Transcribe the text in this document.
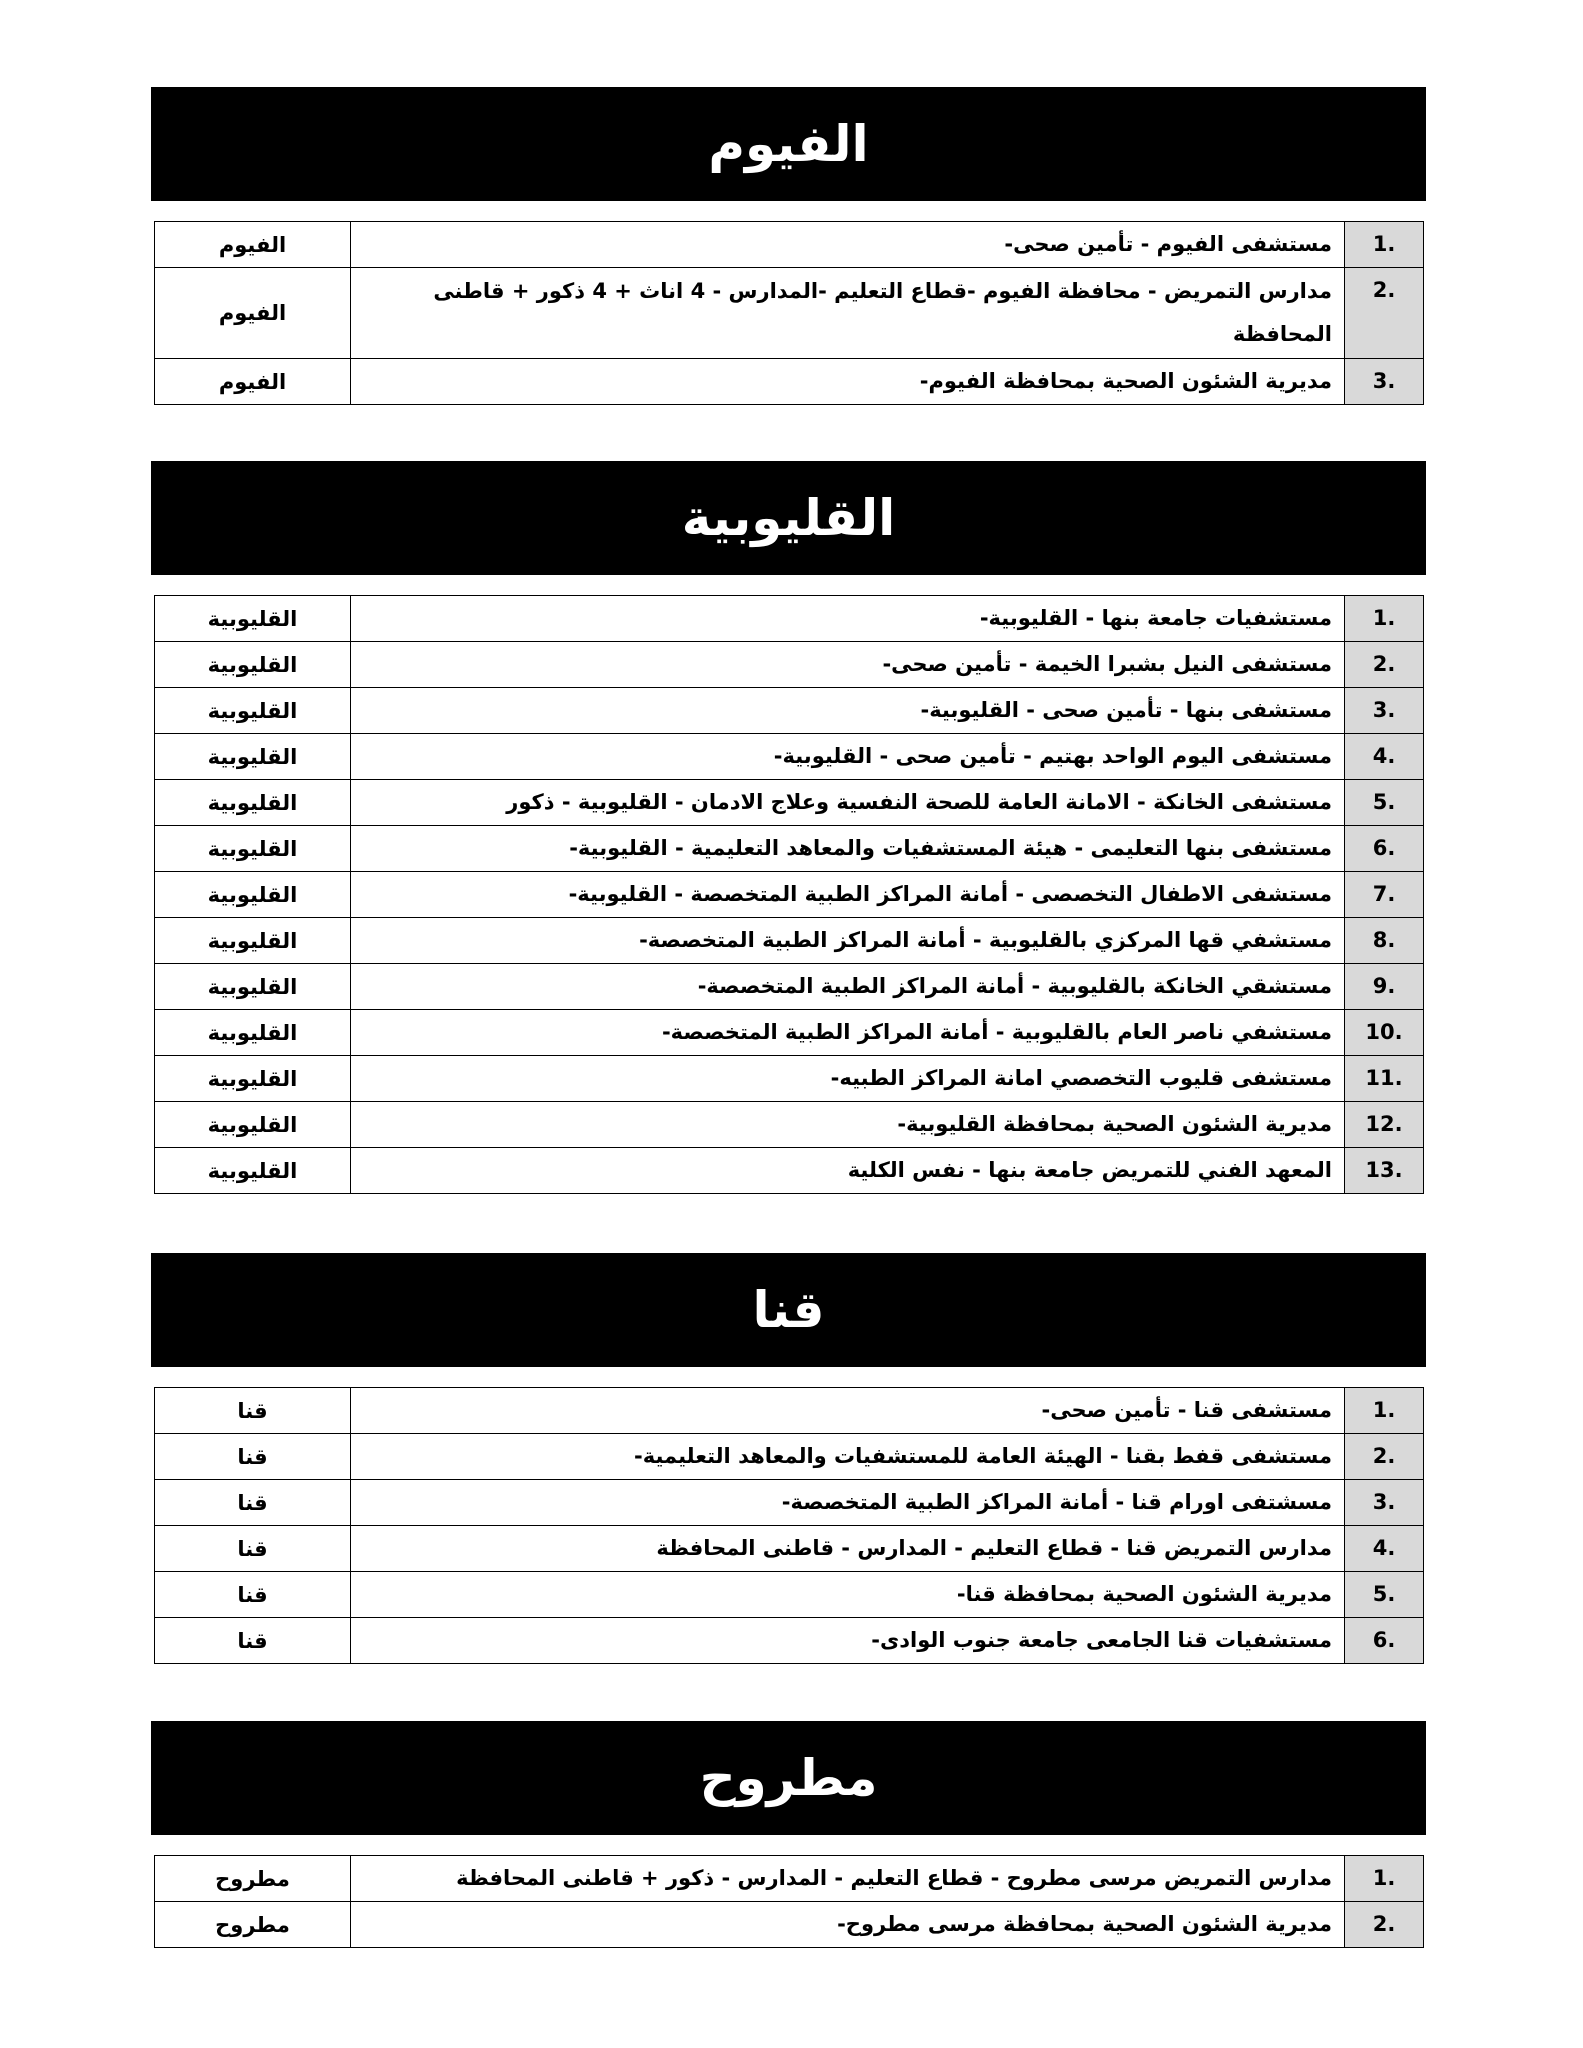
الفيوم
الفيوم	مستشفى الفيوم - تأمين صحى-	1.
الفيوم	مدارس التمريض - محافظة الفيوم -قطاع التعليم -المدارس - 4 اناث + 4 ذكور + قاطنى المحافظة	2.
الفيوم	مديرية الشئون الصحية بمحافظة الفيوم-	3.
القليوبية
القليوبية	مستشفيات جامعة بنها - القليوبية-	1.
القليوبية	مستشفى النيل بشبرا الخيمة - تأمين صحى-	2.
القليوبية	مستشفى بنها - تأمين صحى - القليوبية-	3.
القليوبية	مستشفى اليوم الواحد بهتيم - تأمين صحى - القليوبية-	4.
القليوبية	مستشفى الخانكة - الامانة العامة للصحة النفسية وعلاج الادمان - القليوبية - ذكور	5.
القليوبية	مستشفى بنها التعليمى - هيئة المستشفيات والمعاهد التعليمية - القليوبية-	6.
القليوبية	مستشفى الاطفال التخصصى - أمانة المراكز الطبية المتخصصة - القليوبية-	7.
القليوبية	مستشفي قها المركزي بالقليوبية - أمانة المراكز الطبية المتخصصة-	8.
القليوبية	مستشقي الخانكة بالقليوبية - أمانة المراكز الطبية المتخصصة-	9.
القليوبية	مستشفي ناصر العام بالقليوبية - أمانة المراكز الطبية المتخصصة-	10.
القليوبية	مستشفى قليوب التخصصي امانة المراكز الطبيه-	11.
القليوبية	مديرية الشئون الصحية بمحافظة القليوبية-	12.
القليوبية	المعهد الفني للتمريض جامعة بنها - نفس الكلية	13.
قنا
قنا	مستشفى قنا - تأمين صحى-	1.
قنا	مستشفى قفط بقنا - الهيئة العامة للمستشفيات والمعاهد التعليمية-	2.
قنا	مسشتفى اورام قنا - أمانة المراكز الطبية المتخصصة-	3.
قنا	مدارس التمريض قنا - قطاع التعليم - المدارس - قاطنى المحافظة	4.
قنا	مديرية الشئون الصحية بمحافظة قنا-	5.
قنا	مستشفيات قنا الجامعى جامعة جنوب الوادى-	6.
مطروح
مطروح	مدارس التمريض مرسى مطروح - قطاع التعليم - المدارس - ذكور + قاطنى المحافظة	1.
مطروح	مديرية الشئون الصحية بمحافظة مرسى مطروح-	2.
